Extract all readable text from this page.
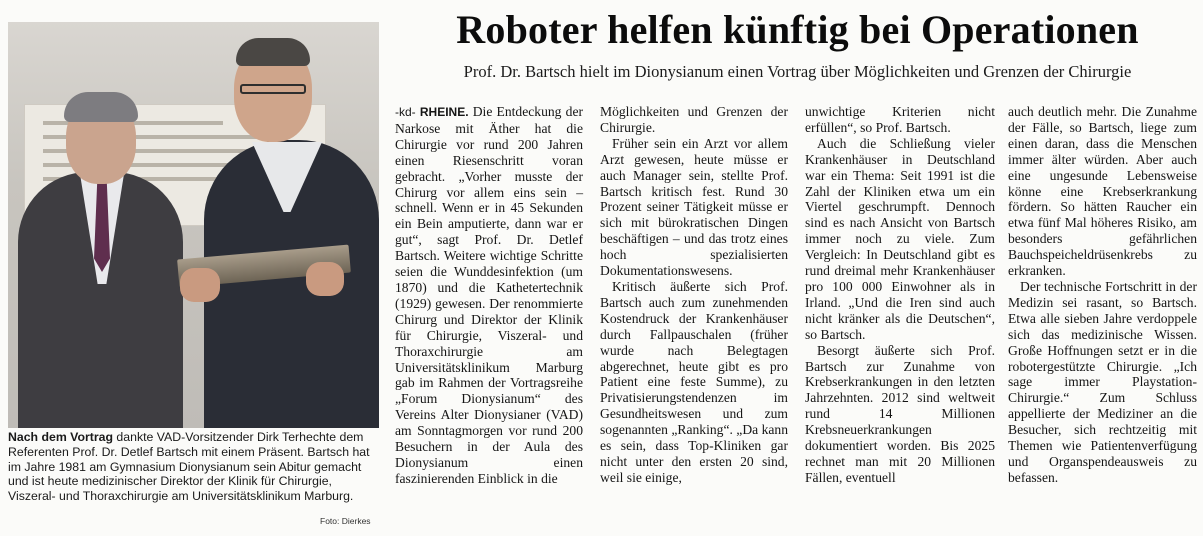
Nach dem Vortrag dankte VAD-Vorsitzender Dirk Terhechte dem Referenten Prof. Dr. Detlef Bartsch mit einem Präsent. Bartsch hat im Jahre 1981 am Gymnasium Dionysianum sein Abitur gemacht und ist heute medizinischer Direktor der Klinik für Chirurgie, Viszeral- und Thoraxchirurgie am Universitätsklinikum Marburg.
Foto: Dierkes
Roboter helfen künftig bei Operationen
Prof. Dr. Bartsch hielt im Dionysianum einen Vortrag über Möglichkeiten und Grenzen der Chirurgie

-kd- RHEINE. Die Entdeckung der Narkose mit Äther hat die Chirurgie vor rund 200 Jahren einen Riesenschritt voran gebracht. „Vorher musste der Chirurg vor allem eins sein – schnell. Wenn er in 45 Sekunden ein Bein amputierte, dann war er gut“, sagt Prof. Dr. Detlef Bartsch. Weitere wichtige Schritte seien die Wunddesinfektion (um 1870) und die Kathetertechnik (1929) gewesen. Der renommierte Chirurg und Direktor der Klinik für Chirurgie, Viszeral- und Thoraxchirurgie am Universitätsklinikum Marburg gab im Rahmen der Vortragsreihe „Forum Dionysianum“ des Vereins Alter Dionysianer (VAD) am Sonntagmorgen vor rund 200 Besuchern in der Aula des Dionysianum einen faszinierenden Einblick in die

Möglichkeiten und Grenzen der Chirurgie.

Früher sein ein Arzt vor allem Arzt gewesen, heute müsse er auch Manager sein, stellte Prof. Bartsch kritisch fest. Rund 30 Prozent seiner Tätigkeit müsse er sich mit bürokratischen Dingen beschäftigen – und das trotz eines hoch spezialisierten Dokumentationswesens.

Kritisch äußerte sich Prof. Bartsch auch zum zunehmenden Kostendruck der Krankenhäuser durch Fallpauschalen (früher wurde nach Belegtagen abgerechnet, heute gibt es pro Patient eine feste Summe), zu Privatisierungstendenzen im Gesundheitswesen und zum sogenannten „Ranking“. „Da kann es sein, dass Top-Kliniken gar nicht unter den ersten 20 sind, weil sie einige,

unwichtige Kriterien nicht erfüllen“, so Prof. Bartsch.

Auch die Schließung vieler Krankenhäuser in Deutschland war ein Thema: Seit 1991 ist die Zahl der Kliniken etwa um ein Viertel geschrumpft. Dennoch sind es nach Ansicht von Bartsch immer noch zu viele. Zum Vergleich: In Deutschland gibt es rund dreimal mehr Krankenhäuser pro 100 000 Einwohner als in Irland. „Und die Iren sind auch nicht kränker als die Deutschen“, so Bartsch.

Besorgt äußerte sich Prof. Bartsch zur Zunahme von Krebserkrankungen in den letzten Jahrzehnten. 2012 sind weltweit rund 14 Millionen Krebsneuerkrankungen dokumentiert worden. Bis 2025 rechnet man mit 20 Millionen Fällen, eventuell

auch deutlich mehr. Die Zunahme der Fälle, so Bartsch, liege zum einen daran, dass die Menschen immer älter würden. Aber auch eine ungesunde Lebensweise könne eine Krebserkrankung fördern. So hätten Raucher ein etwa fünf Mal höheres Risiko, am besonders gefährlichen Bauchspeicheldrüsenkrebs zu erkranken.

Der technische Fortschritt in der Medizin sei rasant, so Bartsch. Etwa alle sieben Jahre verdoppele sich das medizinische Wissen. Große Hoffnungen setzt er in die robotergestützte Chirurgie. „Ich sage immer Playstation-Chirurgie.“ Zum Schluss appellierte der Mediziner an die Besucher, sich rechtzeitig mit Themen wie Patientenverfügung und Organspendeausweis zu befassen.
